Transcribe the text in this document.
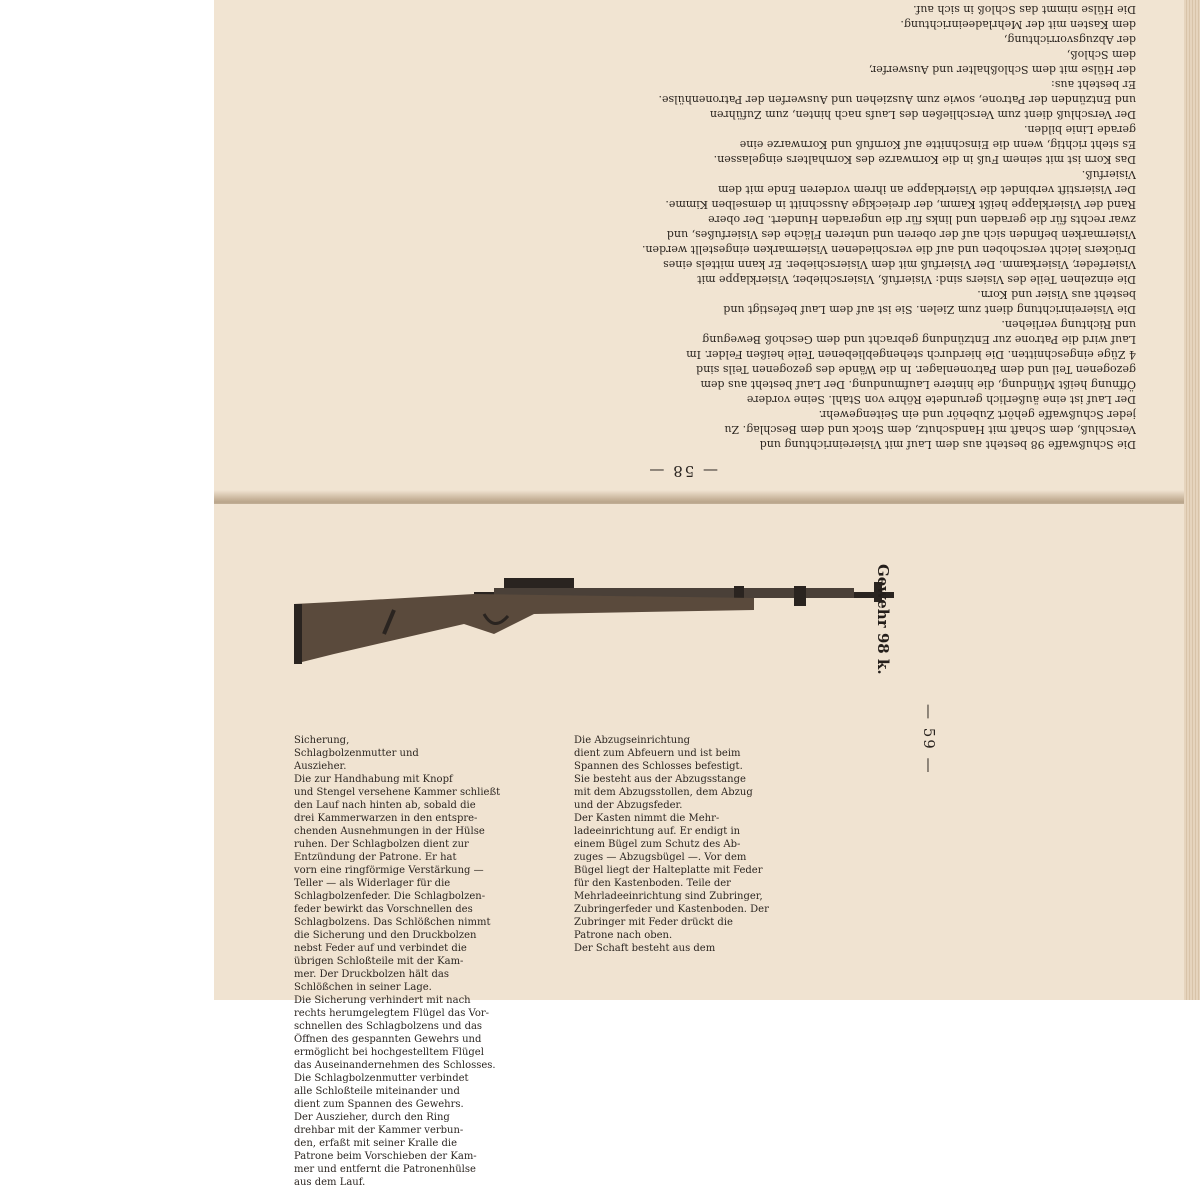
— 58 —

Die Schußwaffe 98 besteht aus dem Lauf mit Visiereinrichtung und

Verschluß, dem Schaft mit Handschutz, dem Stock und dem Beschlag. Zu

jeder Schußwaffe gehört Zubehör und ein Seitengewehr.

Der Lauf ist eine äußerlich gerundete Röhre von Stahl. Seine vordere

Öffnung heißt Mündung, die hintere Laufmundung. Der Lauf besteht aus dem

gezogenen Teil und dem Patronenlager. In die Wände des gezogenen Teils sind

4 Züge eingeschnitten. Die hierdurch stehengebliebenen Teile heißen Felder. Im

Lauf wird die Patrone zur Entzündung gebracht und dem Geschoß Bewegung

und Richtung verliehen.

Die Visiereinrichtung dient zum Zielen. Sie ist auf dem Lauf befestigt und

besteht aus Visier und Korn.

Die einzelnen Teile des Visiers sind: Visierfuß, Visierschieber, Visierklappe mit

Visierfeder, Visierkamm. Der Visierfuß mit dem Visierschieber. Er kann mittels eines

Drückers leicht verschoben und auf die verschiedenen Visiermarken eingestellt werden.

Visiermarken befinden sich auf der oberen und unteren Fläche des Visierfußes, und

zwar rechts für die geraden und links für die ungeraden Hundert. Der obere

Rand der Visierklappe heißt Kamm, der dreieckige Ausschnitt in demselben Kimme.

Der Visierstift verbindet die Visierklappe an ihrem vorderen Ende mit dem

Visierfuß.

Das Korn ist mit seinem Fuß in die Kornwarze des Kornhalters eingelassen.

Es steht richtig, wenn die Einschnitte auf Kornfuß und Kornwarze eine

gerade Linie bilden.

Der Verschluß dient zum Verschließen des Laufs nach hinten, zum Zuführen

und Entzünden der Patrone, sowie zum Ausziehen und Auswerfen der Patronenhülse.

Er besteht aus:

der Hülse mit dem Schloßhalter und Auswerfer,

dem Schloß,

der Abzugsvorrichtung,

dem Kasten mit der Mehrladeeinrichtung.

Die Hülse nimmt das Schloß in sich auf.

— 59 —
Gewehr 98 k.

Sicherung,

Schlagbolzenmutter und

Auszieher.

Die zur Handhabung mit Knopf

und Stengel versehene Kammer schließt

den Lauf nach hinten ab, sobald die

drei Kammerwarzen in den entspre-

chenden Ausnehmungen in der Hülse

ruhen. Der Schlagbolzen dient zur

Entzündung der Patrone. Er hat

vorn eine ringförmige Verstärkung —

Teller — als Widerlager für die

Schlagbolzenfeder. Die Schlagbolzen-

feder bewirkt das Vorschnellen des

Schlagbolzens. Das Schlößchen nimmt

die Sicherung und den Druckbolzen

nebst Feder auf und verbindet die

übrigen Schloßteile mit der Kam-

mer. Der Druckbolzen hält das

Schlößchen in seiner Lage.

Die Sicherung verhindert mit nach

rechts herumgelegtem Flügel das Vor-

schnellen des Schlagbolzens und das

Öffnen des gespannten Gewehrs und

ermöglicht bei hochgestelltem Flügel

das Auseinandernehmen des Schlosses.

Die Schlagbolzenmutter verbindet

alle Schloßteile miteinander und

dient zum Spannen des Gewehrs.

Der Auszieher, durch den Ring

drehbar mit der Kammer verbun-

den, erfaßt mit seiner Kralle die

Patrone beim Vorschieben der Kam-

mer und entfernt die Patronenhülse

aus dem Lauf.

Die Abzugseinrichtung

dient zum Abfeuern und ist beim

Spannen des Schlosses befestigt.

Sie besteht aus der Abzugsstange

mit dem Abzugsstollen, dem Abzug

und der Abzugsfeder.

Der Kasten nimmt die Mehr-

ladeeinrichtung auf. Er endigt in

einem Bügel zum Schutz des Ab-

zuges — Abzugsbügel —. Vor dem

Bügel liegt der Halteplatte mit Feder

für den Kastenboden. Teile der

Mehrladeeinrichtung sind Zubringer,

Zubringerfeder und Kastenboden. Der

Zubringer mit Feder drückt die

Patrone nach oben.

Der Schaft besteht aus dem
